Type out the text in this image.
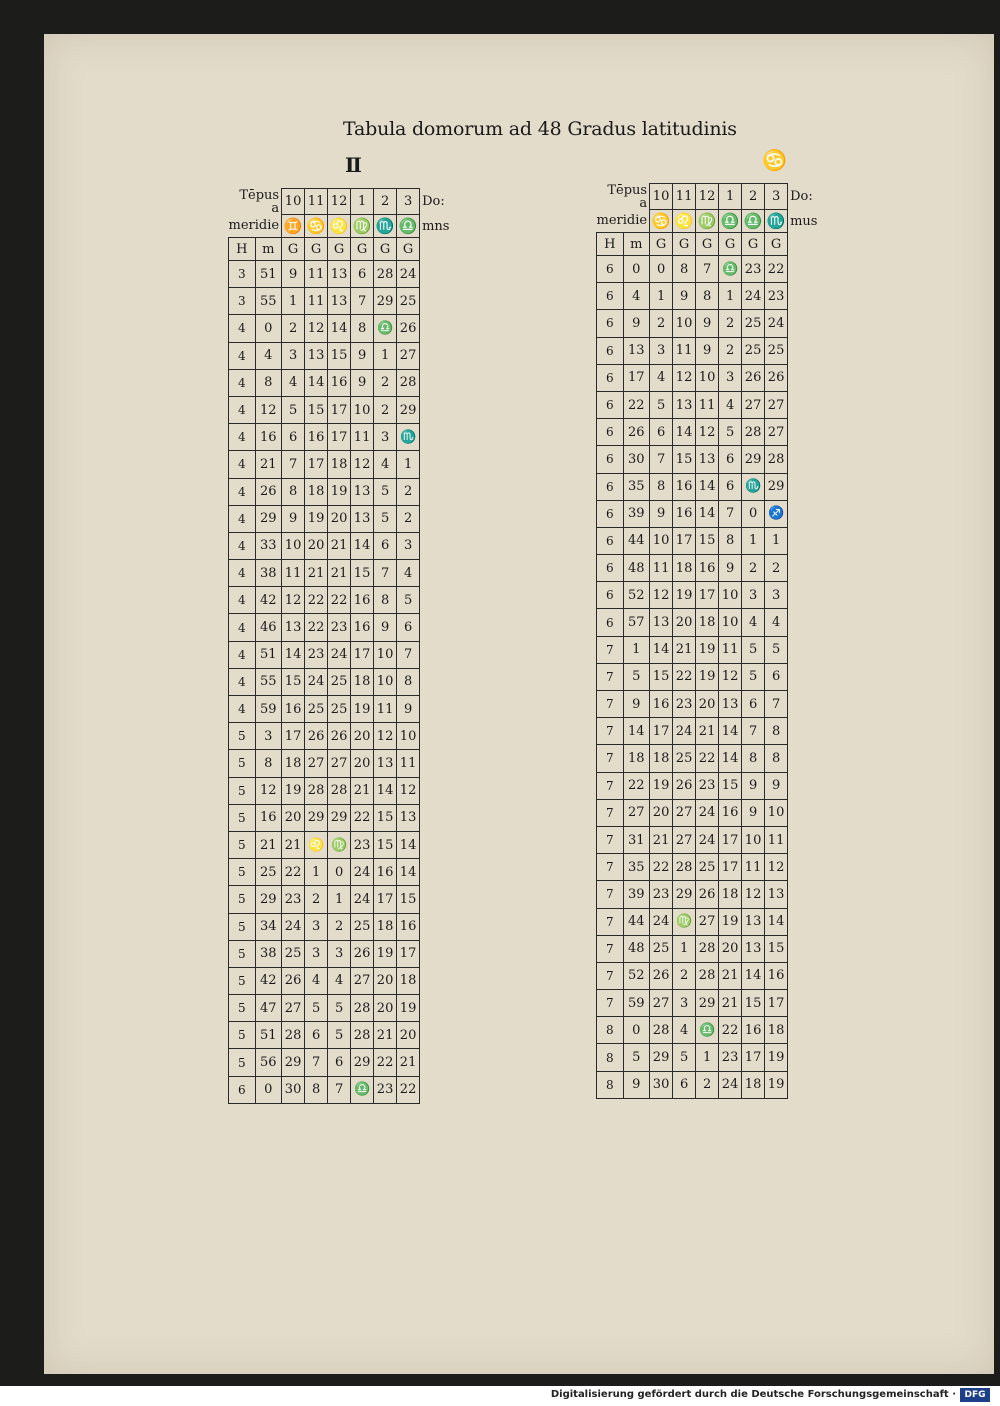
Tabula domorum ad 48 Gradus latitudinis
Ⅱ	♋
Tēpus a		10	11	12	1	2	3	Do:
meridie		♊	♋	♌	♍	♏	♎	mns
H	m	G	G	G	G	G	G	
3	51	9	11	13	6	28	24	
3	55	1	11	13	7	29	25	
4	0	2	12	14	8	♎	26	
4	4	3	13	15	9	1	27	
4	8	4	14	16	9	2	28	
4	12	5	15	17	10	2	29	
4	16	6	16	17	11	3	♏	
4	21	7	17	18	12	4	1	
4	26	8	18	19	13	5	2	
4	29	9	19	20	13	5	2	
4	33	10	20	21	14	6	3	
4	38	11	21	21	15	7	4	
4	42	12	22	22	16	8	5	
4	46	13	22	23	16	9	6	
4	51	14	23	24	17	10	7	
4	55	15	24	25	18	10	8	
4	59	16	25	25	19	11	9	
5	3	17	26	26	20	12	10	
5	8	18	27	27	20	13	11	
5	12	19	28	28	21	14	12	
5	16	20	29	29	22	15	13	
5	21	21	♌	♍	23	15	14	
5	25	22	1	0	24	16	14	
5	29	23	2	1	24	17	15	
5	34	24	3	2	25	18	16	
5	38	25	3	3	26	19	17	
5	42	26	4	4	27	20	18	
5	47	27	5	5	28	20	19	
5	51	28	6	5	28	21	20	
5	56	29	7	6	29	22	21	
6	0	30	8	7	♎	23	22	
Tēpus a		10	11	12	1	2	3	Do:
meridie		♋	♌	♍	♎	♎	♏	mus
H	m	G	G	G	G	G	G	
6	0	0	8	7	♎	23	22	
6	4	1	9	8	1	24	23	
6	9	2	10	9	2	25	24	
6	13	3	11	9	2	25	25	
6	17	4	12	10	3	26	26	
6	22	5	13	11	4	27	27	
6	26	6	14	12	5	28	27	
6	30	7	15	13	6	29	28	
6	35	8	16	14	6	♏	29	
6	39	9	16	14	7	0	♐	
6	44	10	17	15	8	1	1	
6	48	11	18	16	9	2	2	
6	52	12	19	17	10	3	3	
6	57	13	20	18	10	4	4	
7	1	14	21	19	11	5	5	
7	5	15	22	19	12	5	6	
7	9	16	23	20	13	6	7	
7	14	17	24	21	14	7	8	
7	18	18	25	22	14	8	8	
7	22	19	26	23	15	9	9	
7	27	20	27	24	16	9	10	
7	31	21	27	24	17	10	11	
7	35	22	28	25	17	11	12	
7	39	23	29	26	18	12	13	
7	44	24	♍	27	19	13	14	
7	48	25	1	28	20	13	15	
7	52	26	2	28	21	14	16	
7	59	27	3	29	21	15	17	
8	0	28	4	♎	22	16	18	
8	5	29	5	1	23	17	19	
8	9	30	6	2	24	18	19	
Digitalisierung gefördert durch die Deutsche Forschungsgemeinschaft · DFG
